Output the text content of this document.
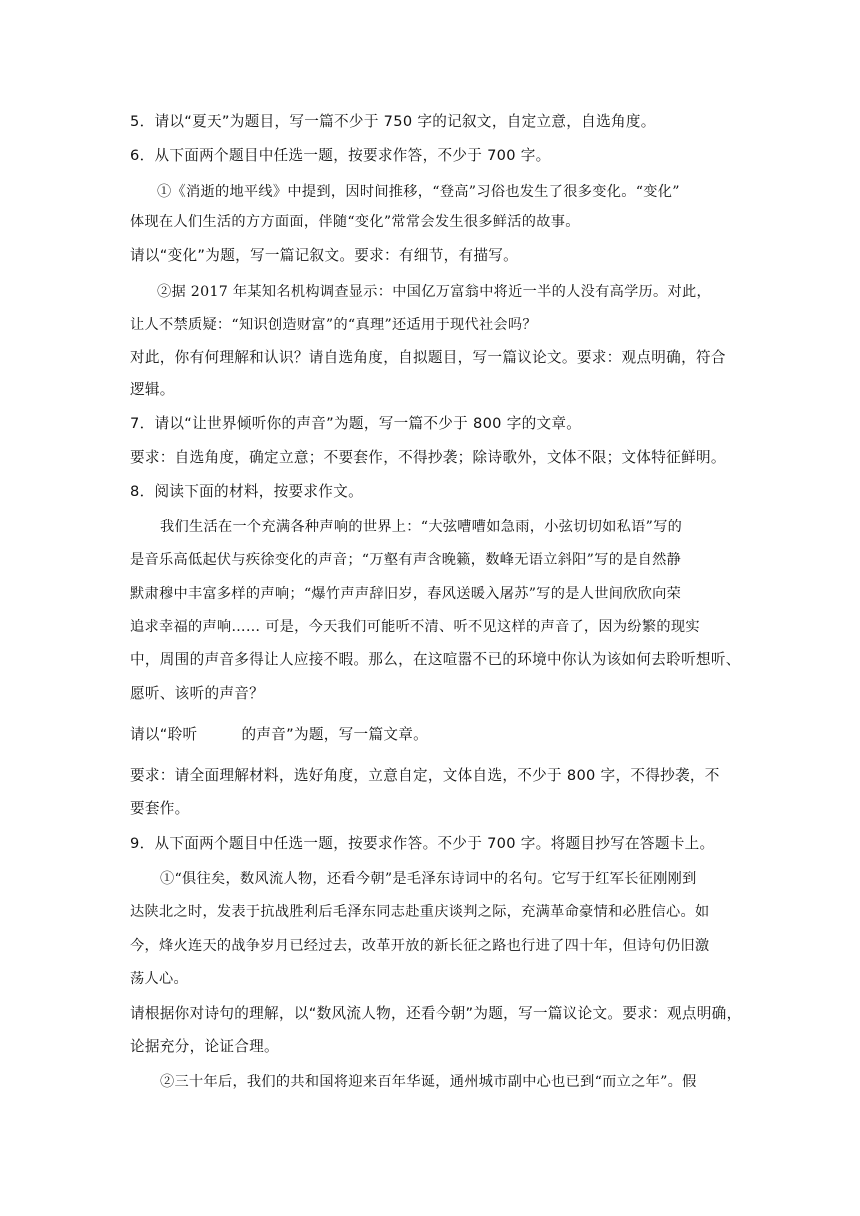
5．请以“夏天”为题目，写一篇不少于 750 字的记叙文，自定立意，自选角度。
6．从下面两个题目中任选一题，按要求作答，不少于 700 字。
①《消逝的地平线》中提到，因时间推移，“登高”习俗也发生了很多变化。“变化”
体现在人们生活的方方面面，伴随“变化”常常会发生很多鲜活的故事。
请以“变化”为题，写一篇记叙文。要求：有细节，有描写。
②据 2017 年某知名机构调查显示：中国亿万富翁中将近一半的人没有高学历。对此，
让人不禁质疑：“知识创造财富”的“真理”还适用于现代社会吗？
对此，你有何理解和认识？请自选角度，自拟题目，写一篇议论文。要求：观点明确，符合
逻辑。
7．请以“让世界倾听你的声音”为题，写一篇不少于 800 字的文章。
要求：自选角度，确定立意；不要套作，不得抄袭；除诗歌外，文体不限；文体特征鲜明。
8．阅读下面的材料，按要求作文。
我们生活在一个充满各种声响的世界上：“大弦嘈嘈如急雨，小弦切切如私语”写的
是音乐高低起伏与疾徐变化的声音；“万壑有声含晚籁，数峰无语立斜阳”写的是自然静
默肃穆中丰富多样的声响；“爆竹声声辞旧岁，春风送暖入屠苏”写的是人世间欣欣向荣
追求幸福的声响…… 可是，今天我们可能听不清、听不见这样的声音了，因为纷繁的现实
中，周围的声音多得让人应接不暇。那么，在这喧嚣不已的环境中你认为该如何去聆听想听、
愿听、该听的声音？
请以“聆听	的声音”为题，写一篇文章。
要求：请全面理解材料，选好角度，立意自定，文体自选，不少于 800 字，不得抄袭，不
要套作。
9．从下面两个题目中任选一题，按要求作答。不少于 700 字。将题目抄写在答题卡上。
①“俱往矣，数风流人物，还看今朝”是毛泽东诗词中的名句。它写于红军长征刚刚到
达陕北之时，发表于抗战胜利后毛泽东同志赴重庆谈判之际，充满革命豪情和必胜信心。如
今，烽火连天的战争岁月已经过去，改革开放的新长征之路也行进了四十年，但诗句仍旧激
荡人心。
请根据你对诗句的理解，以“数风流人物，还看今朝”为题，写一篇议论文。要求：观点明确，
论据充分，论证合理。
②三十年后，我们的共和国将迎来百年华诞，通州城市副中心也已到“而立之年”。假
